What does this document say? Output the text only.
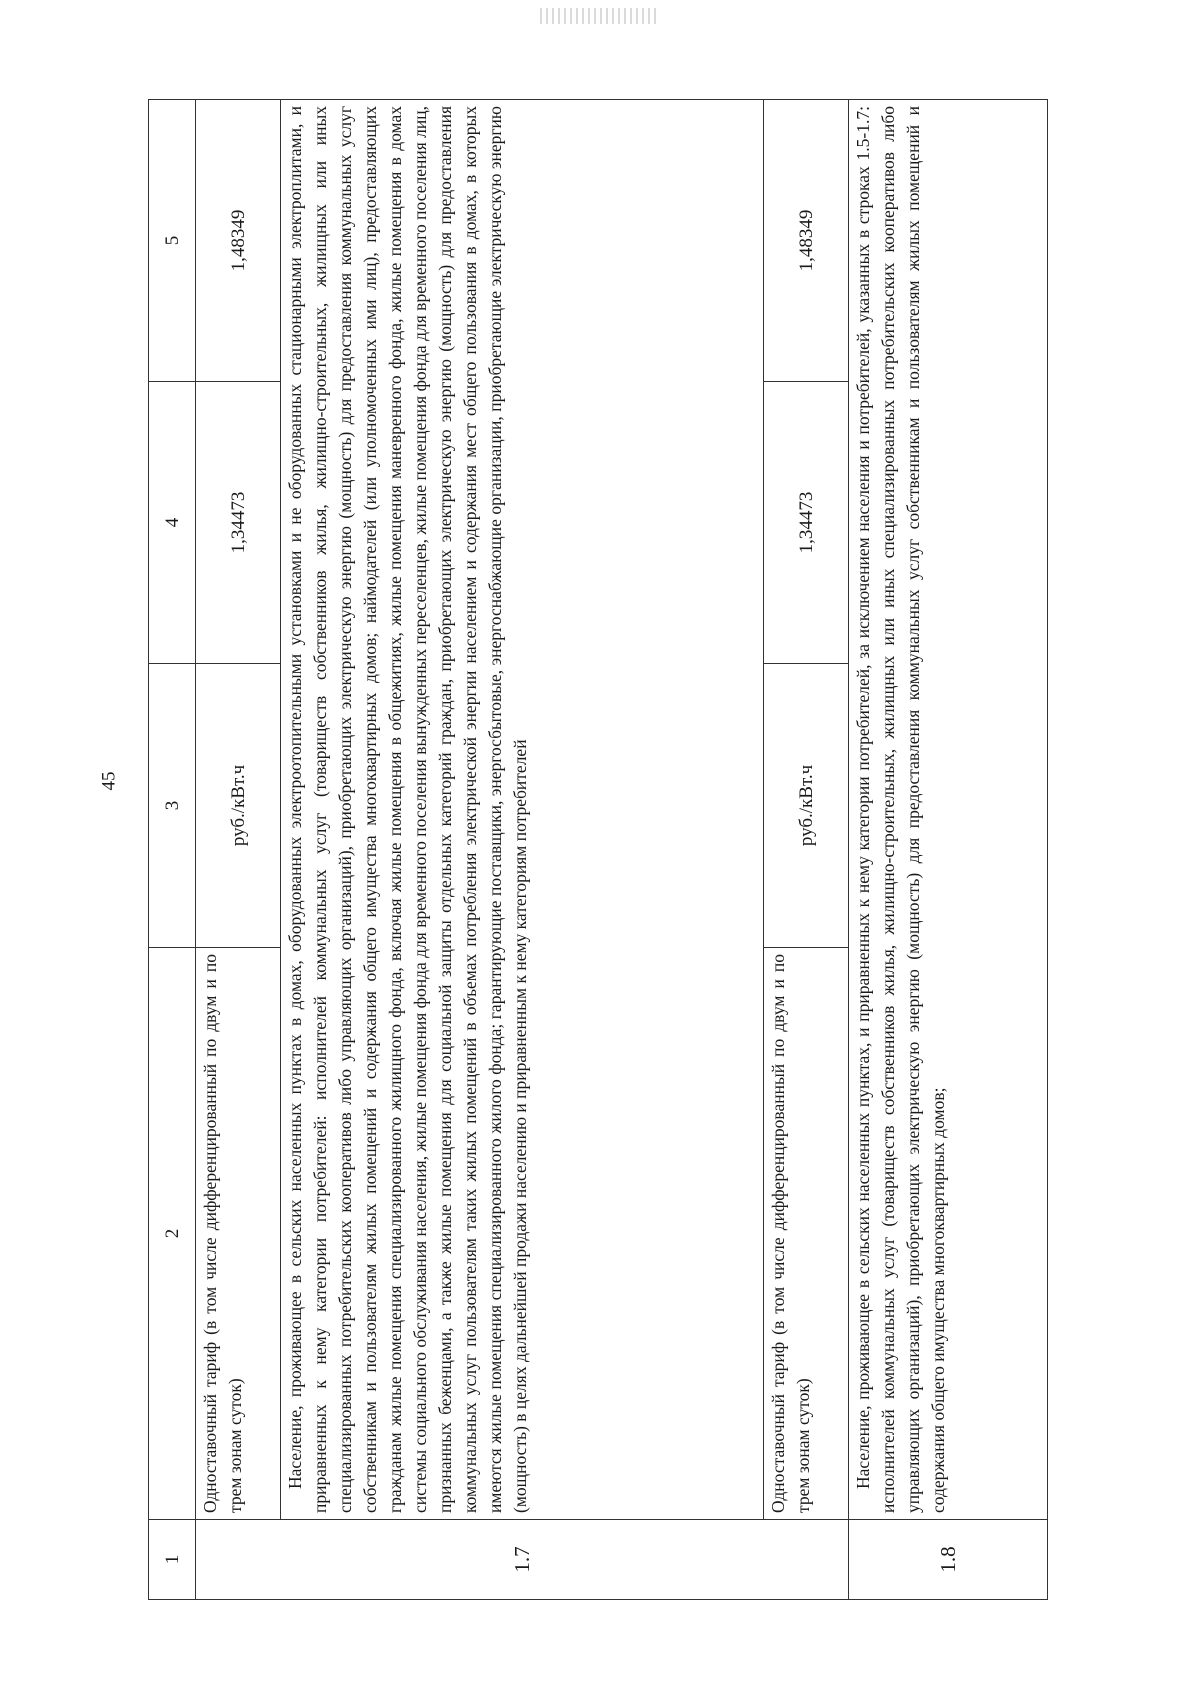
45
1	2	3	4	5
1.7	Одноставочный тариф (в том числе дифференцированный по двум и по трем зонам суток)	руб./кВт.ч	1,34473	1,48349
	Население, проживающее в сельских населенных пунктах в домах, оборудованных электроотопительными установками и не оборудованных стационарными электроплитами, и приравненных к нему категории потребителей: исполнителей коммунальных услуг (товариществ собственников жилья, жилищно-строительных, жилищных или иных специализированных потребительских кооперативов либо управляющих организаций), приобретающих электрическую энергию (мощность) для предоставления коммунальных услуг собственникам и пользователям жилых помещений и содержания общего имущества многоквартирных домов; наймодателей (или уполномоченных ими лиц), предоставляющих гражданам жилые помещения специализированного жилищного фонда, включая жилые помещения в общежитиях, жилые помещения маневренного фонда, жилые помещения в домах системы социального обслуживания населения, жилые помещения фонда для временного поселения вынужденных переселенцев, жилые помещения фонда для временного поселения лиц, признанных беженцами, а также жилые помещения для социальной защиты отдельных категорий граждан, приобретающих электрическую энергию (мощность) для предоставления коммунальных услуг пользователям таких жилых помещений в объемах потребления электрической энергии населением и содержания мест общего пользования в домах, в которых имеются жилые помещения специализированного жилого фонда; гарантирующие поставщики, энергосбытовые, энергоснабжающие организации, приобретающие электрическую энергию (мощность) в целях дальнейшей продажи населению и приравненным к нему категориям потребителей			
	Одноставочный тариф (в том числе дифференцированный по двум и по трем зонам суток)	руб./кВт.ч	1,34473	1,48349
1.8	Население, проживающее в сельских населенных пунктах, и приравненных к нему категории потребителей, за исключением населения и потребителей, указанных в строках 1.5-1.7: исполнителей коммунальных услуг (товариществ собственников жилья, жилищно-строительных, жилищных или иных специализированных потребительских кооперативов либо управляющих организаций), приобретающих электрическую энергию (мощность) для предоставления коммунальных услуг собственникам и пользователям жилых помещений и содержания общего имущества многоквартирных домов;			
